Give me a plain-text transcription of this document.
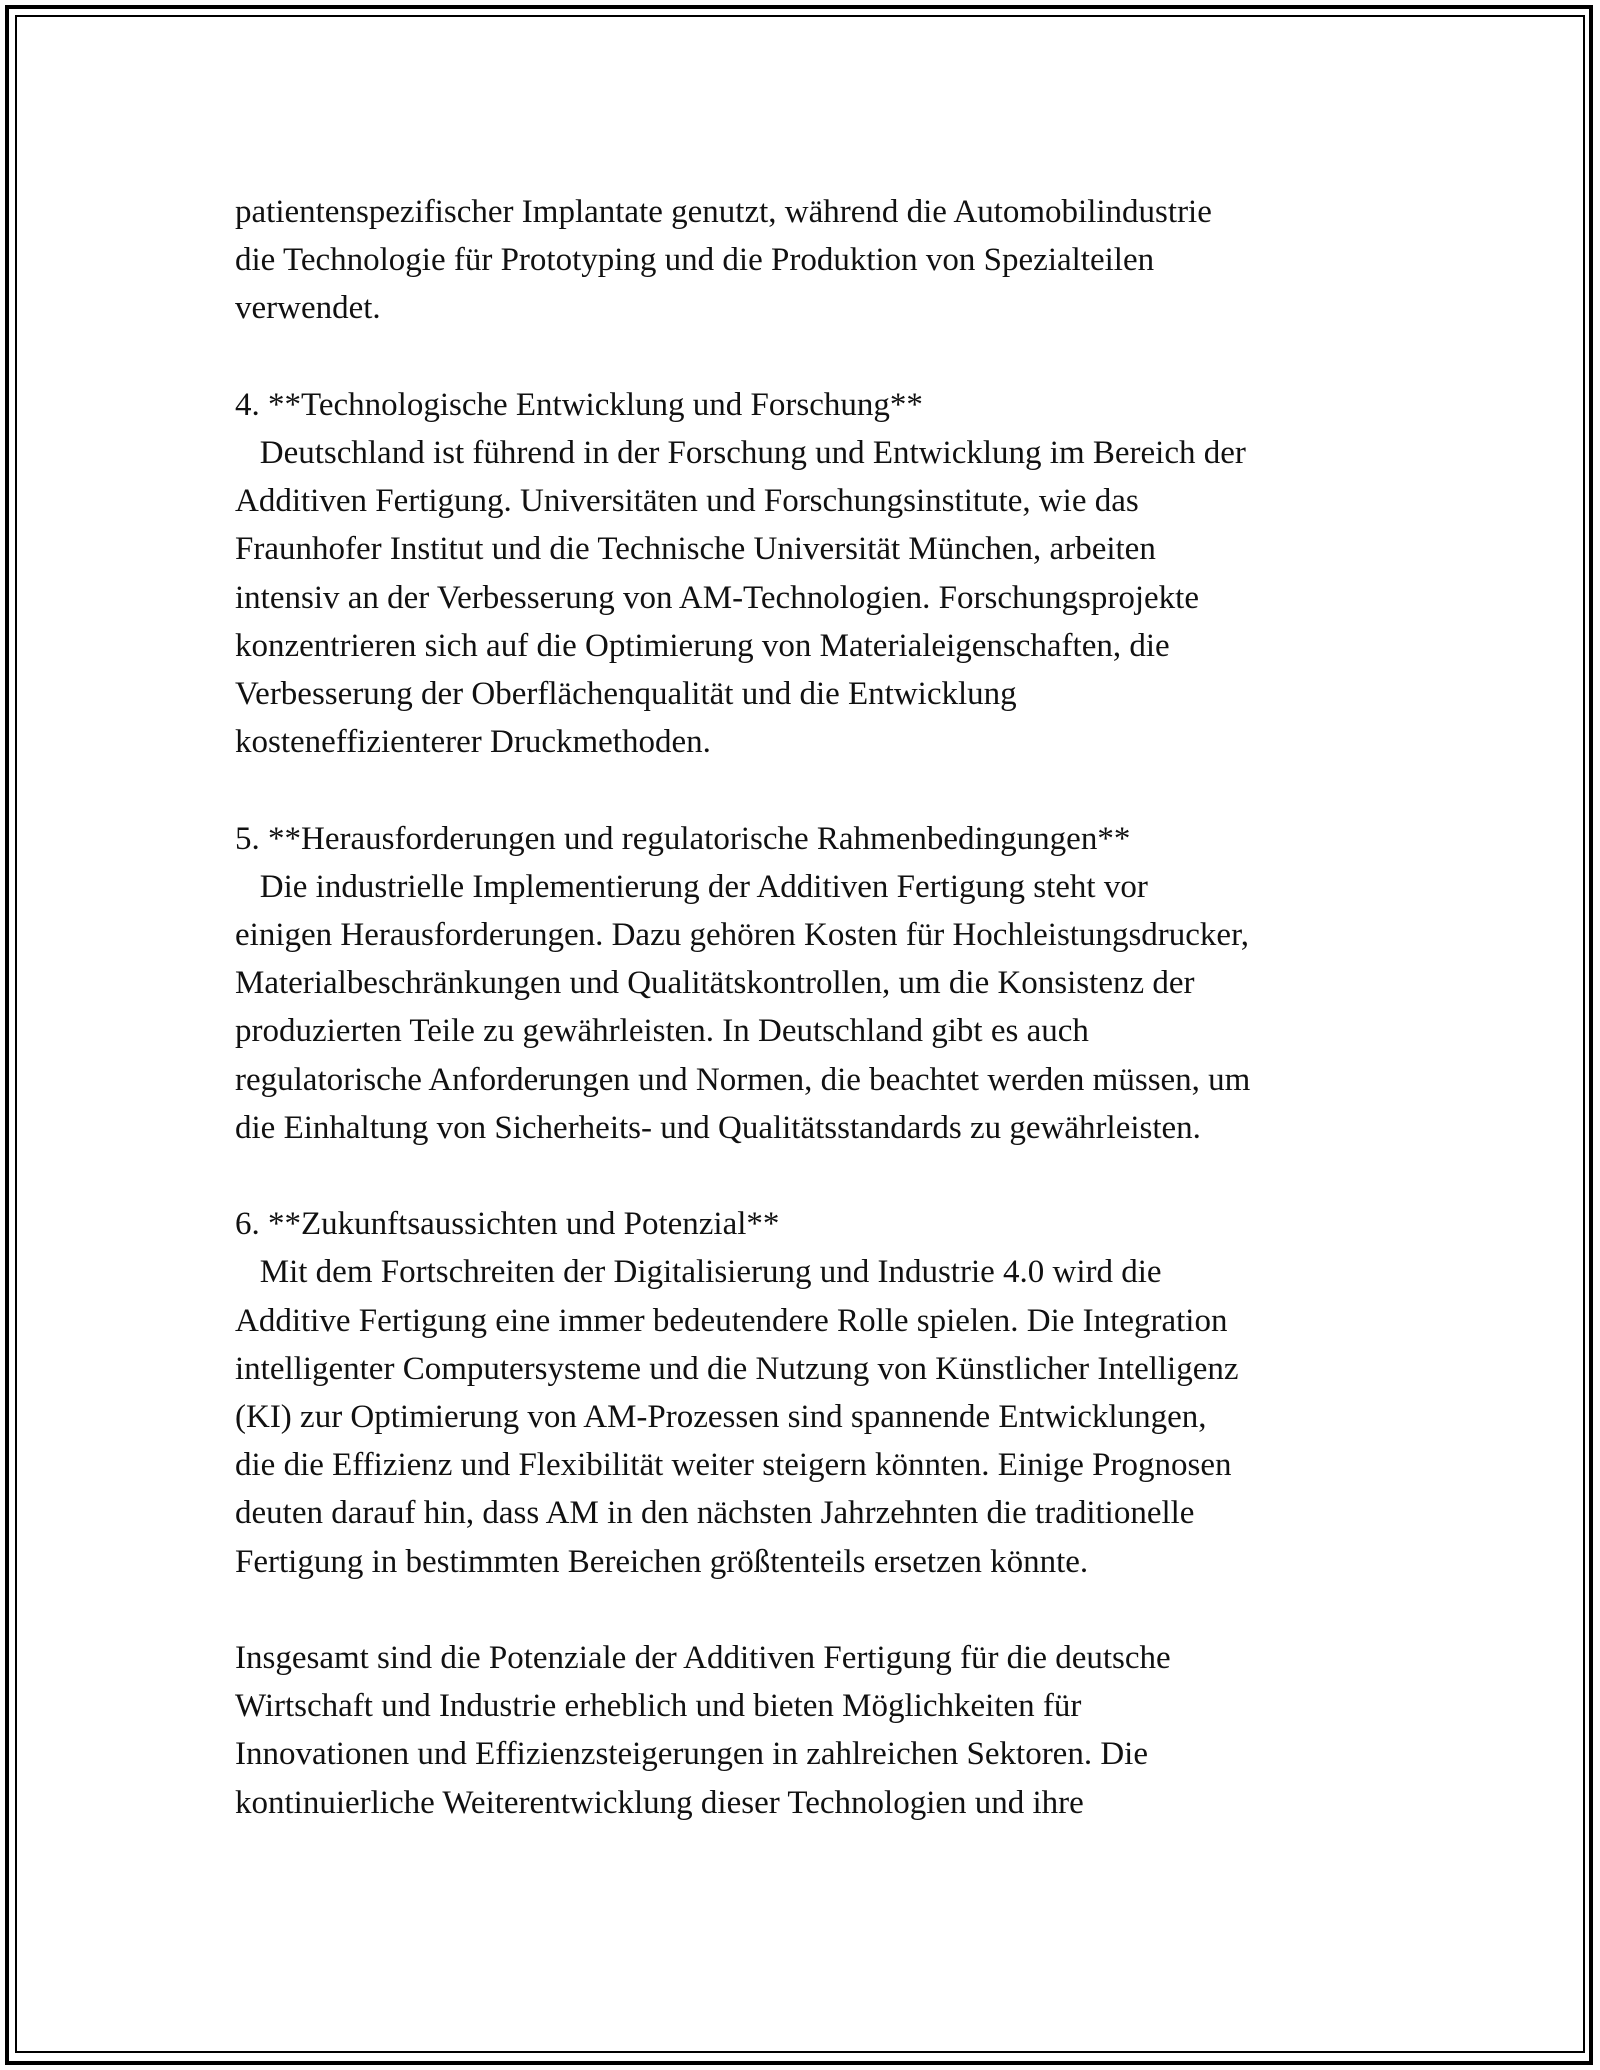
patientenspezifischer Implantate genutzt, während die Automobilindustrie
die Technologie für Prototyping und die Produktion von Spezialteilen
verwendet.
4. **Technologische Entwicklung und Forschung**
Deutschland ist führend in der Forschung und Entwicklung im Bereich der
Additiven Fertigung. Universitäten und Forschungsinstitute, wie das
Fraunhofer Institut und die Technische Universität München, arbeiten
intensiv an der Verbesserung von AM-Technologien. Forschungsprojekte
konzentrieren sich auf die Optimierung von Materialeigenschaften, die
Verbesserung der Oberflächenqualität und die Entwicklung
kosteneffizienterer Druckmethoden.
5. **Herausforderungen und regulatorische Rahmenbedingungen**
Die industrielle Implementierung der Additiven Fertigung steht vor
einigen Herausforderungen. Dazu gehören Kosten für Hochleistungsdrucker,
Materialbeschränkungen und Qualitätskontrollen, um die Konsistenz der
produzierten Teile zu gewährleisten. In Deutschland gibt es auch
regulatorische Anforderungen und Normen, die beachtet werden müssen, um
die Einhaltung von Sicherheits- und Qualitätsstandards zu gewährleisten.
6. **Zukunftsaussichten und Potenzial**
Mit dem Fortschreiten der Digitalisierung und Industrie 4.0 wird die
Additive Fertigung eine immer bedeutendere Rolle spielen. Die Integration
intelligenter Computersysteme und die Nutzung von Künstlicher Intelligenz
(KI) zur Optimierung von AM-Prozessen sind spannende Entwicklungen,
die die Effizienz und Flexibilität weiter steigern könnten. Einige Prognosen
deuten darauf hin, dass AM in den nächsten Jahrzehnten die traditionelle
Fertigung in bestimmten Bereichen größtenteils ersetzen könnte.
Insgesamt sind die Potenziale der Additiven Fertigung für die deutsche
Wirtschaft und Industrie erheblich und bieten Möglichkeiten für
Innovationen und Effizienzsteigerungen in zahlreichen Sektoren. Die
kontinuierliche Weiterentwicklung dieser Technologien und ihre
